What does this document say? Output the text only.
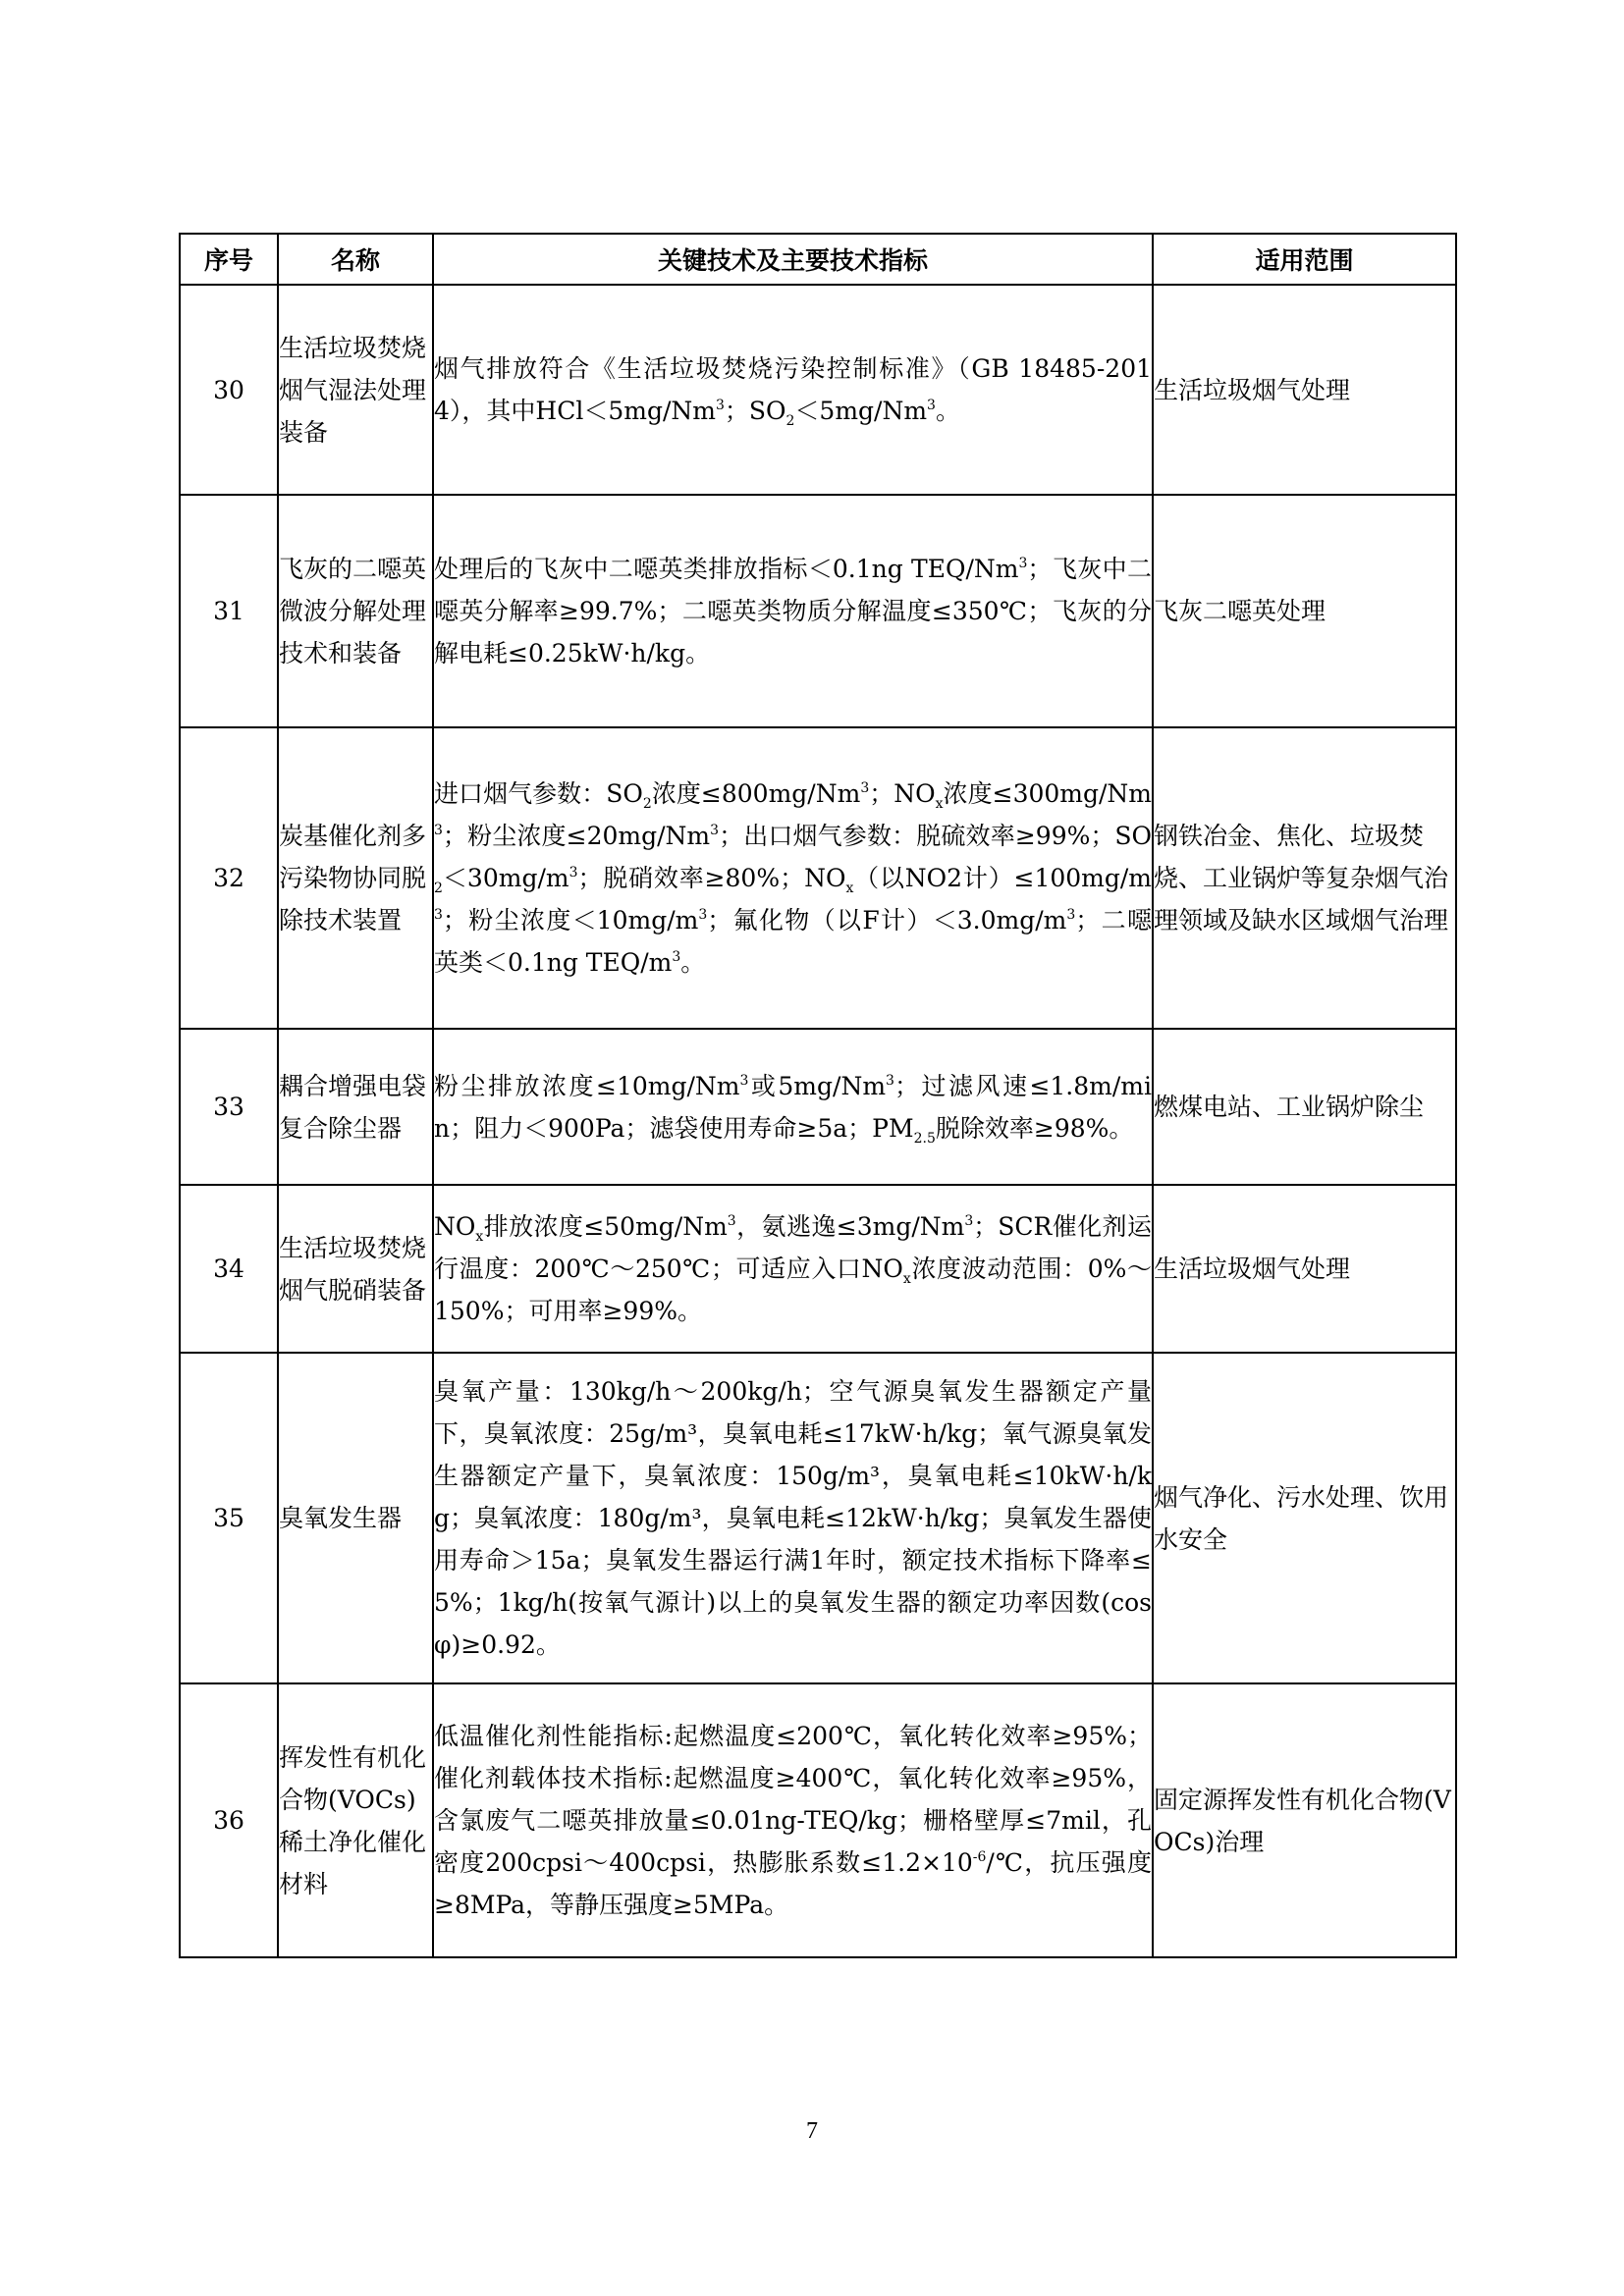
序号	名称	关键技术及主要技术指标	适用范围
30	生活垃圾焚烧烟气湿法处理装备	烟气排放符合《生活垃圾焚烧污染控制标准》（GB 18485-2014），其中$HCl<5mg/Nm^3$；$SO_2<5mg/Nm^3$。	生活垃圾烟气处理
31	飞灰的二噁英微波分解处理技术和装备	处理后的飞灰中二噁英类排放指标＜0.1ng TEQ/Nm$^3$；飞灰中二噁英分解率≥99.7%；二噁英类物质分解温度≤350℃；飞灰的分解电耗≤0.25kW·h/kg。	飞灰二噁英处理
32	炭基催化剂多污染物协同脱除技术装置	进口烟气参数：$SO_2$浓度$\le 800mg/Nm^3$；$NO_x$浓度$\le 300mg/Nm^3$；粉尘浓度$\le 20mg/Nm^3$；出口烟气参数：脱硫效率≥99%；$SO_2<30mg/m^3$；脱硝效率≥80%；$NO_x$（以NO2计）$\le 100mg/m^3$；粉尘浓度$<10mg/m^3$；氟化物（以F计）$<3.0mg/m^3$；二噁英类＜0.1ng TEQ/$m^3$。	钢铁冶金、焦化、垃圾焚烧、工业锅炉等复杂烟气治理领域及缺水区域烟气治理
33	耦合增强电袋复合除尘器	粉尘排放浓度$\le 10mg/Nm^3$或5mg/Nm$^3$；过滤风速≤1.8m/min；阻力＜900Pa；滤袋使用寿命≥5a；$PM_{2.5}$脱除效率≥98%。	燃煤电站、工业锅炉除尘
34	生活垃圾焚烧烟气脱硝装备	$NO_x$排放浓度$\le 50mg/Nm^3$，氨逃逸$\le 3mg/Nm^3$；SCR催化剂运行温度：200℃～250℃；可适应入口$NO_x$浓度波动范围：0%～150%；可用率≥99%。	生活垃圾烟气处理
35	臭氧发生器	臭氧产量：130kg/h～200kg/h；空气源臭氧发生器额定产量下，臭氧浓度：25g/m³，臭氧电耗≤17kW·h/kg；氧气源臭氧发生器额定产量下，臭氧浓度：150g/m³，臭氧电耗≤10kW·h/kg；臭氧浓度：180g/m³，臭氧电耗≤12kW·h/kg；臭氧发生器使用寿命＞15a；臭氧发生器运行满1年时，额定技术指标下降率≤5%；1kg/h(按氧气源计)以上的臭氧发生器的额定功率因数(cosφ)≥0.92。	烟气净化、污水处理、饮用水安全
36	挥发性有机化合物(VOCs)稀土净化催化材料	低温催化剂性能指标:起燃温度≤200℃，氧化转化效率≥95%；催化剂载体技术指标:起燃温度≥400℃，氧化转化效率≥95%，含氯废气二噁英排放量≤0.01ng-TEQ/kg；栅格壁厚≤7mil，孔密度200cpsi～400cpsi，热膨胀系数$\le 1.2\times 10^{-6}/℃$，抗压强度≥8MPa，等静压强度≥5MPa。	固定源挥发性有机化合物(VOCs)治理
7
